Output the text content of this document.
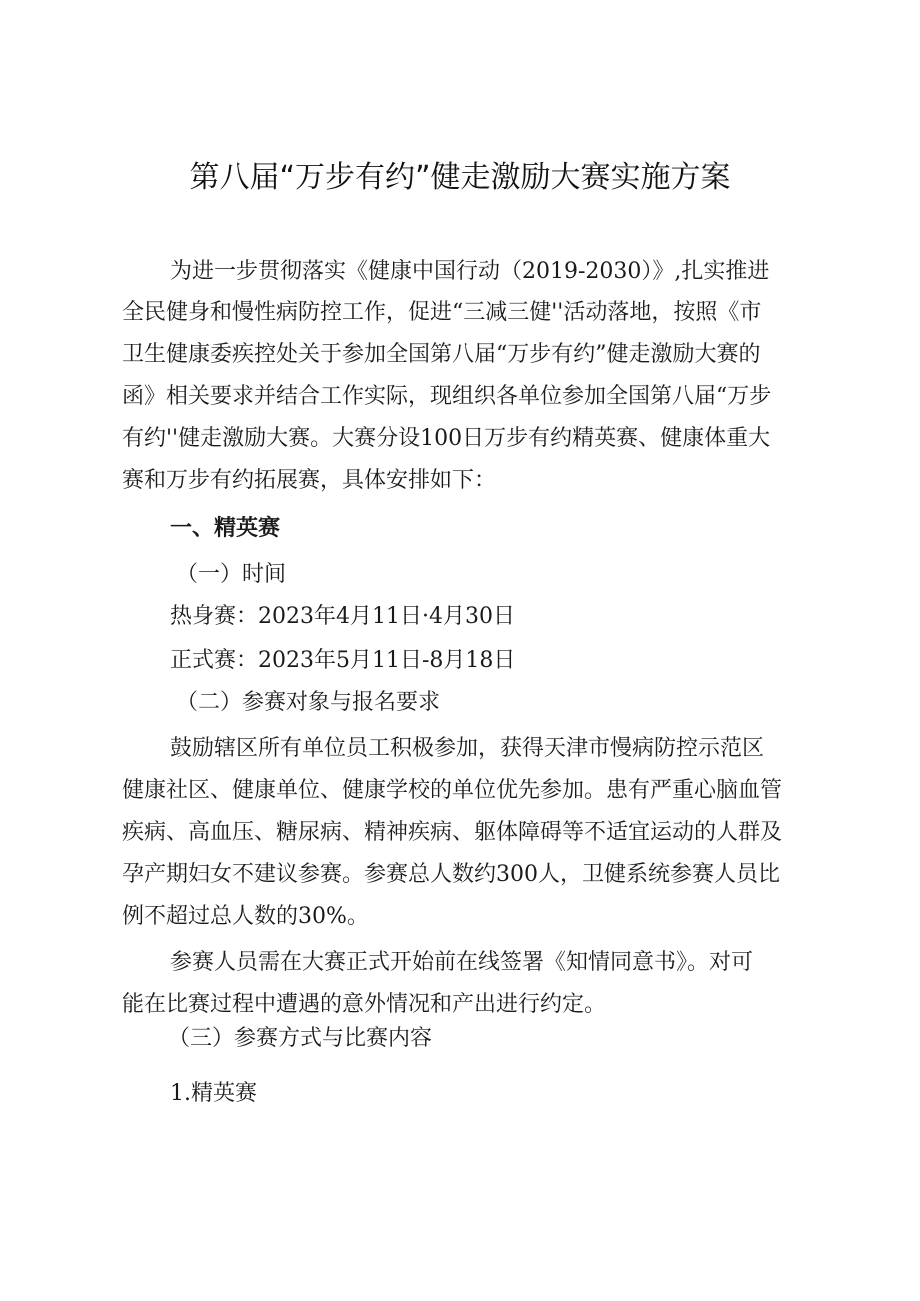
第八届“万步有约”健走激励大赛实施方案
为进一步贯彻落实《健康中国行动（2019-2030）》,扎实推进
全民健身和慢性病防控工作，促进“三减三健''活动落地，按照《市
卫生健康委疾控处关于参加全国第八届“万步有约”健走激励大赛的
函》相关要求并结合工作实际，现组织各单位参加全国第八届“万步
有约''健走激励大赛。大赛分设100日万步有约精英赛、健康体重大
赛和万步有约拓展赛，具体安排如下：
一、精英赛
（一）时间
热身赛：2023年4月11日·4月30日
正式赛：2023年5月11日-8月18日
（二）参赛对象与报名要求
鼓励辖区所有单位员工积极参加，获得天津市慢病防控示范区
健康社区、健康单位、健康学校的单位优先参加。患有严重心脑血管
疾病、高血压、糖尿病、精神疾病、躯体障碍等不适宜运动的人群及
孕产期妇女不建议参赛。参赛总人数约300人，卫健系统参赛人员比
例不超过总人数的30%。
参赛人员需在大赛正式开始前在线签署《知情同意书》。对可
能在比赛过程中遭遇的意外情况和产出进行约定。
（三）参赛方式与比赛内容
1.精英赛
